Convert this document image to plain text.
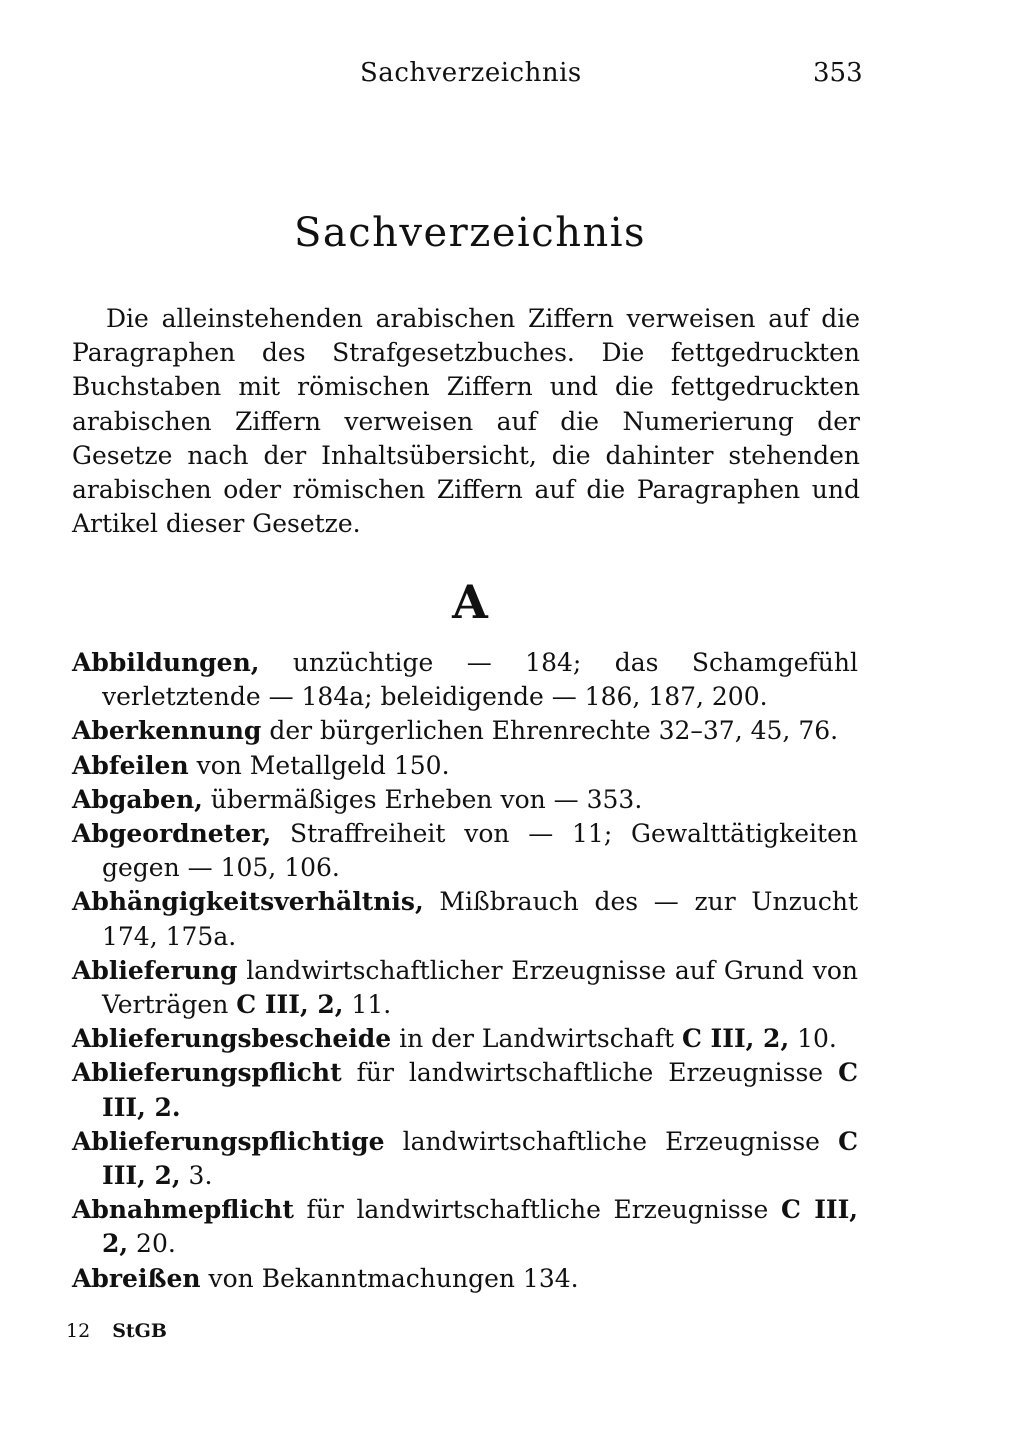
Sachverzeichnis	353
Sachverzeichnis

Die alleinstehenden arabischen Ziffern verweisen auf die Paragraphen des Strafgesetzbuches. Die fettgedruckten Buchstaben mit römischen Ziffern und die fettgedruckten arabischen Ziffern verweisen auf die Numerierung der Gesetze nach der Inhaltsübersicht, die dahinter stehenden arabischen oder römischen Ziffern auf die Paragraphen und Artikel dieser Gesetze.

A
Abbildungen, unzüchtige — 184; das Schamgefühl verletztende — 184a; beleidigende — 186, 187, 200.
Aberkennung der bürgerlichen Ehrenrechte 32–37, 45, 76.
Abfeilen von Metallgeld 150.
Abgaben, übermäßiges Erheben von — 353.
Abgeordneter, Straffreiheit von — 11; Gewalttätigkeiten gegen — 105, 106.
Abhängigkeitsverhältnis, Mißbrauch des — zur Unzucht 174, 175a.
Ablieferung landwirtschaftlicher Erzeugnisse auf Grund von Verträgen C III, 2, 11.
Ablieferungsbescheide in der Landwirtschaft C III, 2, 10.
Ablieferungspflicht für landwirtschaftliche Erzeugnisse C III, 2.
Ablieferungspflichtige landwirtschaftliche Erzeugnisse C III, 2, 3.
Abnahmepflicht für landwirtschaftliche Erzeugnisse C III, 2, 20.
Abreißen von Bekanntmachungen 134.
12 StGB
